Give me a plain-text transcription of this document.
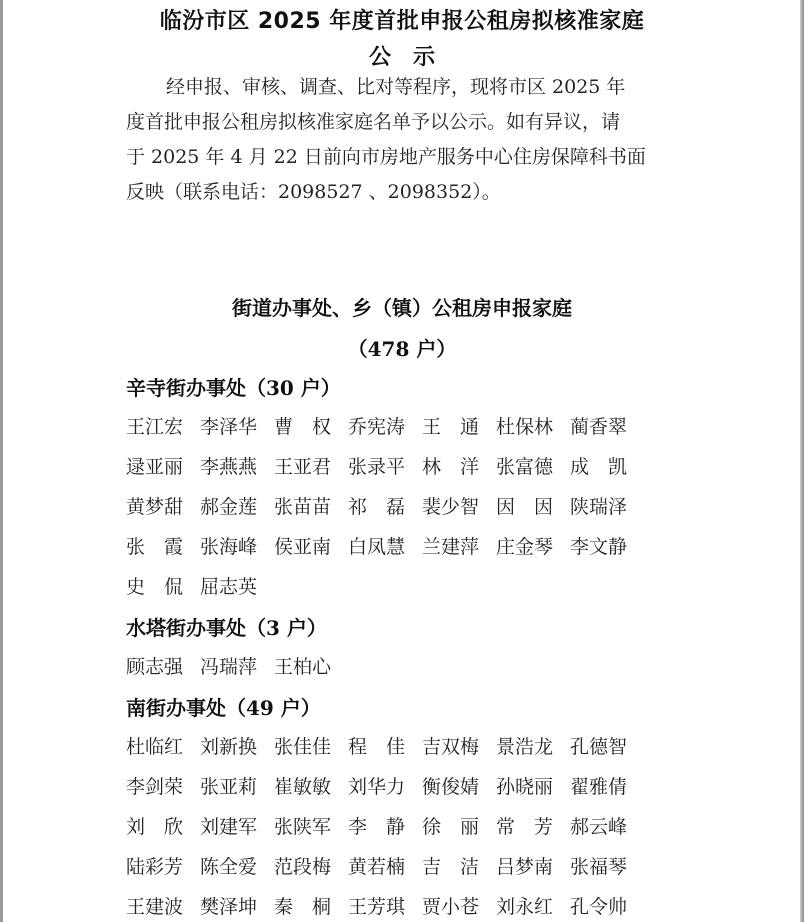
临汾市区 2025 年度首批申报公租房拟核准家庭
公示
经申报、审核、调查、比对等程序，现将市区 2025 年
度首批申报公租房拟核准家庭名单予以公示。如有异议，请
于 2025 年 4 月 22 日前向市房地产服务中心住房保障科书面
反映（联系电话：2098527 、2098352）。
街道办事处、乡（镇）公租房申报家庭
（478 户）
辛寺街办事处（30 户）
王江宏 李泽华 曹　权 乔宪涛 王　通 杜保林 蔺香翠
逯亚丽 李燕燕 王亚君 张录平 林　洋 张富德 成　凯
黄梦甜 郝金莲 张苗苗 祁　磊 裴少智 因　因 陕瑞泽
张　霞 张海峰 侯亚南 白凤慧 兰建萍 庄金琴 李文静
史　侃 屈志英
水塔街办事处（3 户）
顾志强 冯瑞萍 王柏心
南街办事处（49 户）
杜临红 刘新换 张佳佳 程　佳 吉双梅 景浩龙 孔德智
李剑荣 张亚莉 崔敏敏 刘华力 衡俊婧 孙晓丽 翟雅倩
刘　欣 刘建军 张陕军 李　静 徐　丽 常　芳 郝云峰
陆彩芳 陈全爱 范段梅 黄若楠 吉　洁 吕梦南 张福琴
王建波 樊泽坤 秦　桐 王芳琪 贾小苍 刘永红 孔令帅
